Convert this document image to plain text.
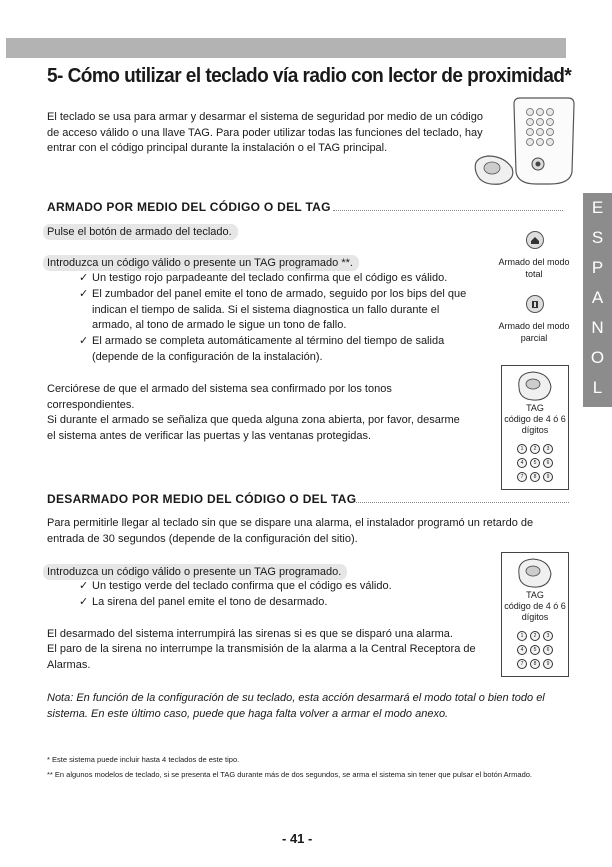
5- Cómo utilizar el teclado vía radio con lector de proximidad*

El teclado se usa para armar y desarmar el sistema de seguridad por medio de un código de acceso válido o una llave TAG. Para poder utilizar todas las funciones del teclado, hay entrar con el código principal durante la instalación o el TAG principal.

E
S
P
A
N
O
L
ARMADO POR MEDIO DEL CÓDIGO O DEL TAG
Pulse el botón de armado del teclado.
Introduzca un código válido o presente un TAG programado **.
✓ Un testigo rojo parpadeante del teclado confirma que el código es válido.
✓ El zumbador del panel emite el tono de armado, seguido por los bips del que indican el tiempo de salida. Si el sistema diagnostica un fallo durante el armado, al tono de armado le sigue un tono de fallo.
✓ El armado se completa automáticamente al término del tiempo de salida (depende de la configuración de la instalación).

Cerciórese de que el armado del sistema sea confirmado por los tonos correspondientes.

Si durante el armado se señaliza que queda alguna zona abierta, por favor, desarme el sistema antes de verificar las puertas y las ventanas protegidas.

Armado del modo total
Armado del modo parcial
TAG
código de 4 ó 6 dígitos
1	2	3
4	5	6
7	8	9
DESARMADO POR MEDIO DEL CÓDIGO O DEL TAG

Para permitirle llegar al teclado sin que se dispare una alarma, el instalador programó un retardo de entrada de 30 segundos (depende de la configuración del sitio).

Introduzca un código válido o presente un TAG programado.
✓ Un testigo verde del teclado confirma que el código es válido.
✓ La sirena del panel emite el tono de desarmado.

El desarmado del sistema interrumpirá las sirenas si es que se disparó una alarma.

El paro de la sirena no interrumpe la transmisión de la alarma a la Central Receptora de Alarmas.

TAG
código de 4 ó 6 dígitos
1	2	3
4	5	6
7	8	9
Nota: En función de la configuración de su teclado, esta acción desarmará el modo total o bien todo el sistema. En este último caso, puede que haga falta volver a armar el modo anexo.
* Este sistema puede incluir hasta 4 teclados de este tipo.
** En algunos modelos de teclado, si se presenta el TAG durante más de dos segundos, se arma el sistema sin tener que pulsar el botón Armado.
- 41 -
